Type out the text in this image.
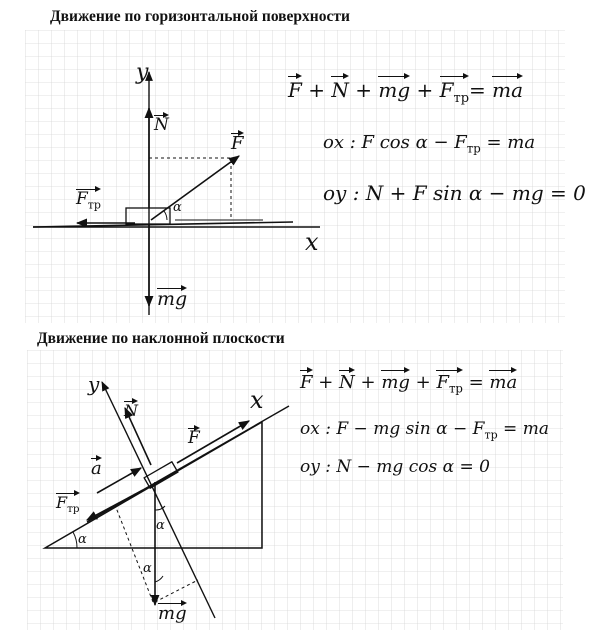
Движение по горизонтальной поверхности
y
x
N
F
α
$F_{тр}$
mg
F + N + mg + $F_{тр}=$ ma
ox : F $\cos \alpha - F_{тр}$ = ma
oy : N + F sin α − mg = 0
Движение по наклонной плоскости
y
x
N
F
a
$F_{тр}$
α
α
α
mg
F + N + mg + $F_{тр}$ = ma
ox : F − mg $\sin \alpha - F_{тр}$ = ma
oy : N − mg cos α = 0
